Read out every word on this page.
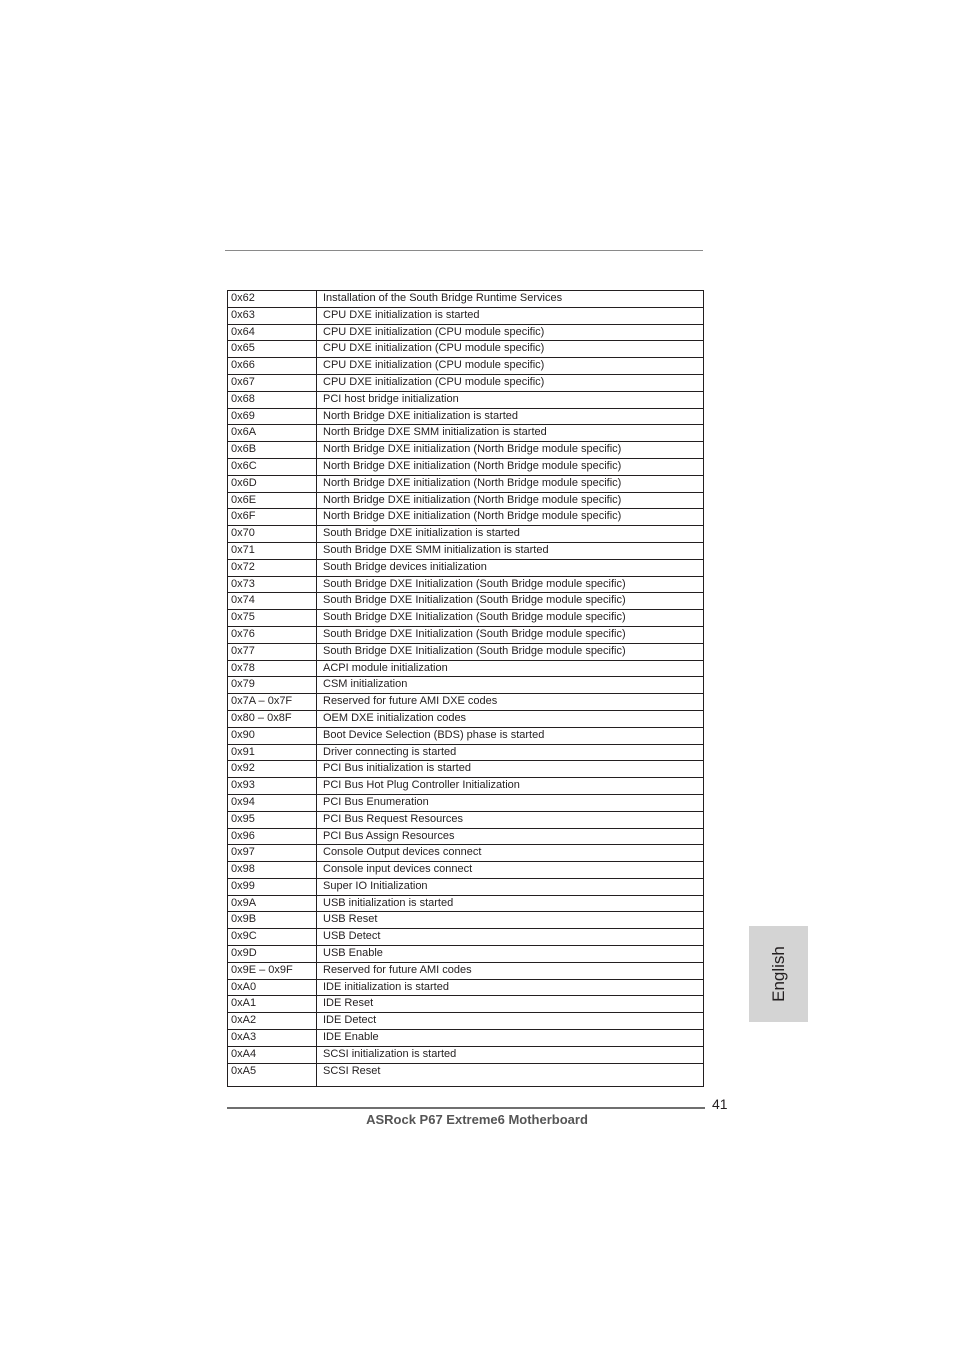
0x62	Installation of the South Bridge Runtime Services
0x63	CPU DXE initialization is started
0x64	CPU DXE initialization (CPU module specific)
0x65	CPU DXE initialization (CPU module specific)
0x66	CPU DXE initialization (CPU module specific)
0x67	CPU DXE initialization (CPU module specific)
0x68	PCI host bridge initialization
0x69	North Bridge DXE initialization is started
0x6A	North Bridge DXE SMM initialization is started
0x6B	North Bridge DXE initialization (North Bridge module specific)
0x6C	North Bridge DXE initialization (North Bridge module specific)
0x6D	North Bridge DXE initialization (North Bridge module specific)
0x6E	North Bridge DXE initialization (North Bridge module specific)
0x6F	North Bridge DXE initialization (North Bridge module specific)
0x70	South Bridge DXE initialization is started
0x71	South Bridge DXE SMM initialization is started
0x72	South Bridge devices initialization
0x73	South Bridge DXE Initialization (South Bridge module specific)
0x74	South Bridge DXE Initialization (South Bridge module specific)
0x75	South Bridge DXE Initialization (South Bridge module specific)
0x76	South Bridge DXE Initialization (South Bridge module specific)
0x77	South Bridge DXE Initialization (South Bridge module specific)
0x78	ACPI module initialization
0x79	CSM initialization
0x7A – 0x7F	Reserved for future AMI DXE codes
0x80 – 0x8F	OEM DXE initialization codes
0x90	Boot Device Selection (BDS) phase is started
0x91	Driver connecting is started
0x92	PCI Bus initialization is started
0x93	PCI Bus Hot Plug Controller Initialization
0x94	PCI Bus Enumeration
0x95	PCI Bus Request Resources
0x96	PCI Bus Assign Resources
0x97	Console Output devices connect
0x98	Console input devices connect
0x99	Super IO Initialization
0x9A	USB initialization is started
0x9B	USB Reset
0x9C	USB Detect
0x9D	USB Enable
0x9E – 0x9F	Reserved for future AMI codes
0xA0	IDE initialization is started
0xA1	IDE Reset
0xA2	IDE Detect
0xA3	IDE Enable
0xA4	SCSI initialization is started
0xA5	SCSI Reset
English
41
ASRock P67 Extreme6 Motherboard
